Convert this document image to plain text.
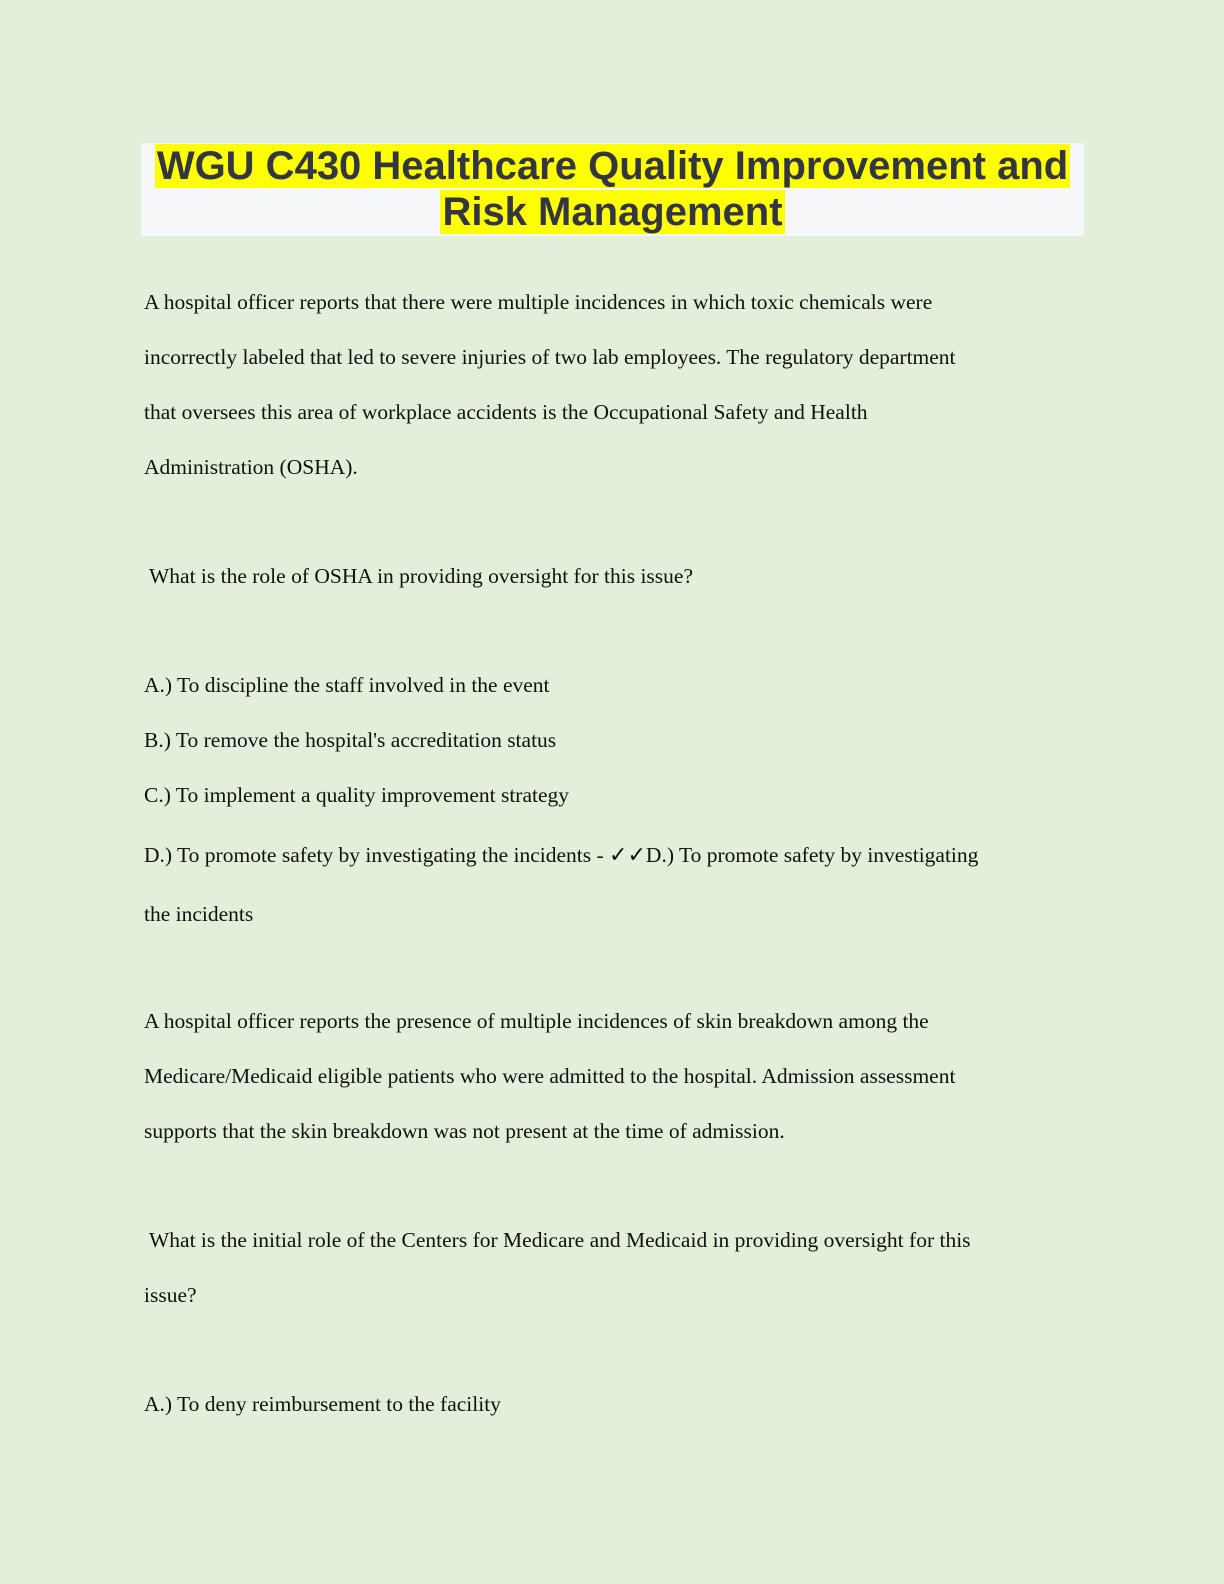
WGU C430 Healthcare Quality Improvement and
Risk Management
A hospital officer reports that there were multiple incidences in which toxic chemicals were
incorrectly labeled that led to severe injuries of two lab employees. The regulatory department
that oversees this area of workplace accidents is the Occupational Safety and Health
Administration (OSHA).
What is the role of OSHA in providing oversight for this issue?
A.) To discipline the staff involved in the event
B.) To remove the hospital's accreditation status
C.) To implement a quality improvement strategy
D.) To promote safety by investigating the incidents - ✓✓D.) To promote safety by investigating
the incidents
A hospital officer reports the presence of multiple incidences of skin breakdown among the
Medicare/Medicaid eligible patients who were admitted to the hospital. Admission assessment
supports that the skin breakdown was not present at the time of admission.
What is the initial role of the Centers for Medicare and Medicaid in providing oversight for this
issue?
A.) To deny reimbursement to the facility
